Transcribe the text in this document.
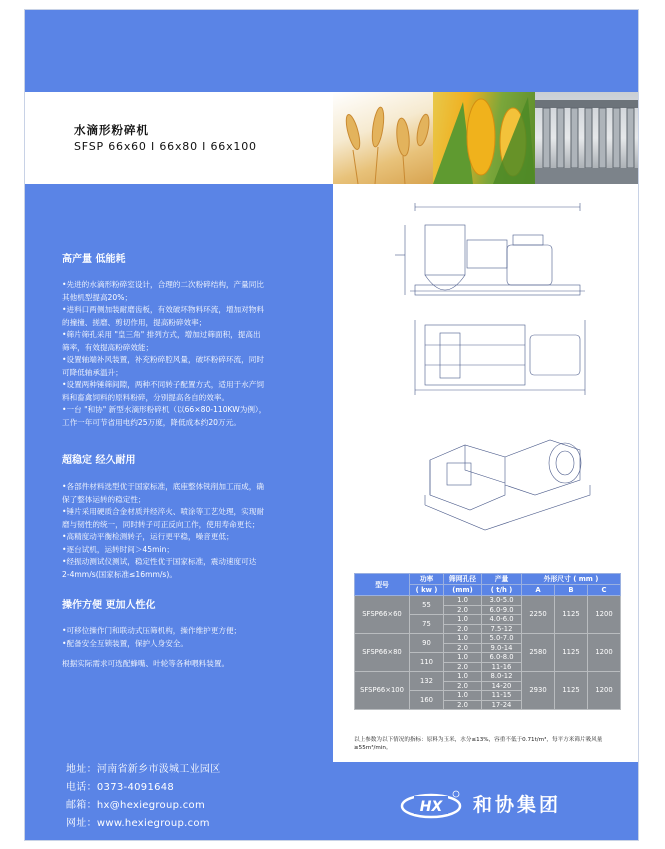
水滴形粉碎机
SFSP 66x60 I 66x80 I 66x100
高产量 低能耗
•先进的水滴形粉碎室设计，合理的二次粉碎结构，产量同比
其他机型提高20%；
•进料口两侧加装耐磨齿板，有效破坏物料环流，增加对物料
的撞撞、搓磨、剪切作用，提高粉碎效率；
•筛片筛孔采用 "皇三角" 排列方式，增加过筛面积，提高出
筛率，有效提高粉碎效能；
•设置轴端补风装置，补充粉碎腔风量，破坏粉碎环流，同时
可降低轴承温升；
•设置两种锤筛间隙，两种不同转子配置方式，适用于水产饲
料和畜禽饲料的原料粉碎，分别提高各自的效率。
•一台 "和协" 新型水滴形粉碎机（以66×80-110KW为例），
工作一年可节省用电约25万度，降低成本约20万元。
超稳定 经久耐用
•各部件材料选型优于国家标准，底座整体铣削加工而成，确
保了整体运转的稳定性；
•锤片采用硬质合金材质并经淬火、喷涂等工艺处理，实现耐
磨与韧性的统一，同时转子可正反向工作，使用寿命更长；
•高精度动平衡检测转子，运行更平稳，噪音更低；
•逐台试机，运转时间＞45min；
•经振动测试仪测试，稳定性优于国家标准，震动速度可达
2-4mm/s(国家标准≤16mm/s)。
操作方便 更加人性化
•可移位操作门和联动式压筛机构，操作维护更方便；
•配备安全互锁装置，保护人身安全。
根据实际需求可选配蜂嘴、叶轮等各种喂料装置。
型号	功率	筛网孔径	产量	外形尺寸 ( mm )		
	( kw )	(mm)	( t/h )	A	B	C
SFSP66×60	55	1.0	3.0-5.0	2250	1125	1200
		2.0	6.0-9.0			
	75	1.0	4.0-6.0			
		2.0	7.5-12			
SFSP66×80	90	1.0	5.0-7.0	2580	1125	1200
		2.0	9.0-14			
	110	1.0	6.0-8.0			
		2.0	11-16			
SFSP66×100	132	1.0	8.0-12	2930	1125	1200
		2.0	14-20			
	160	1.0	11-15			
		2.0	17-24			
以上参数为以下情况的指标：原料为玉米，水分≤13%，容重不低于0.71t/m³，每平方米筛片吸风量≥55m³/min。
地址：河南省新乡市汲城工业园区
电话：0373-4091648
邮箱：hx@hexiegroup.com
网址：www.hexiegroup.com
HX 和协集团
